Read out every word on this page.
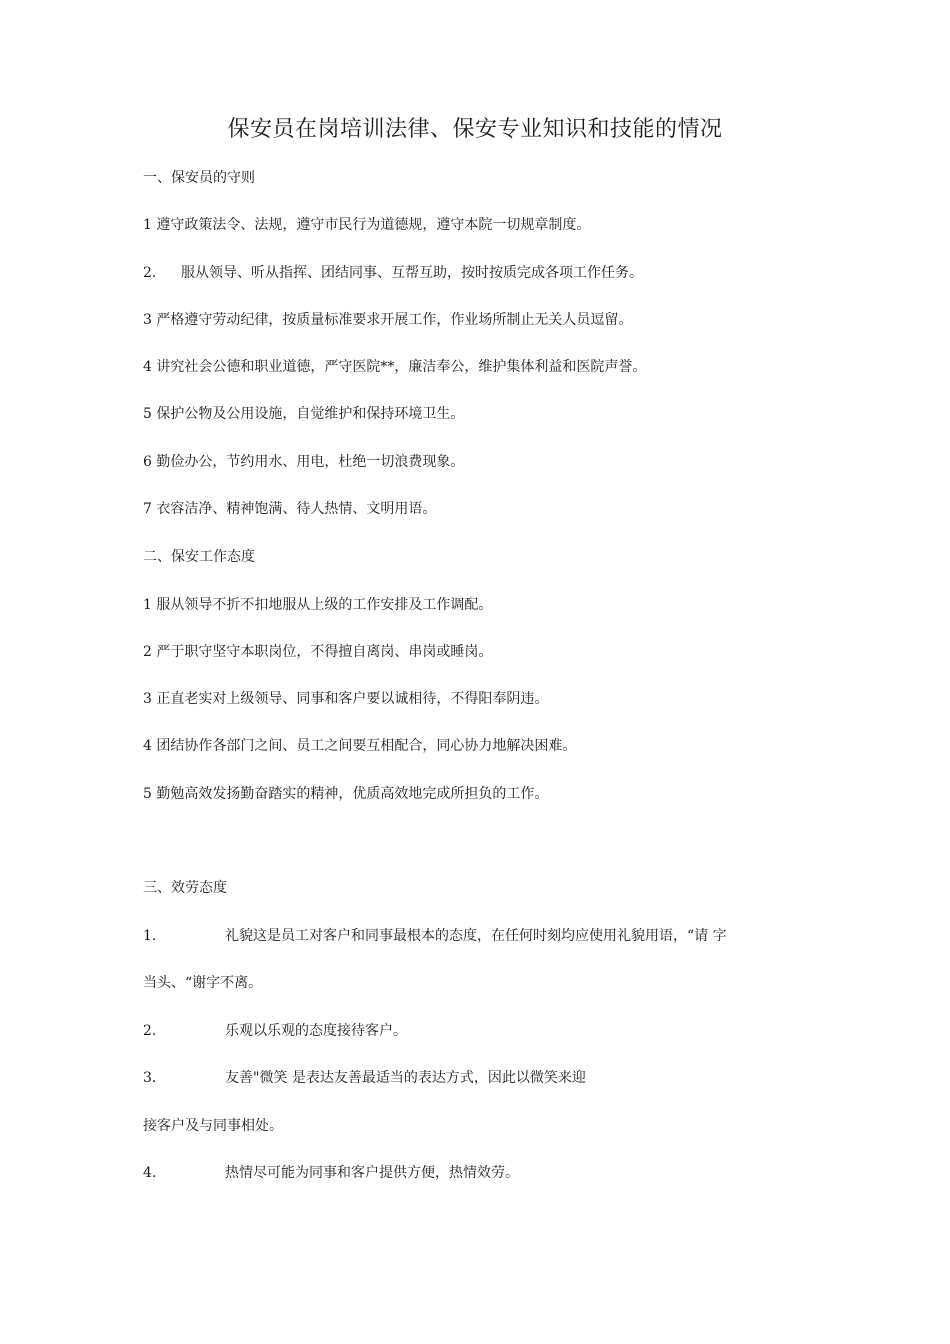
保安员在岗培训法律、保安专业知识和技能的情况
一、保安员的守则
1 遵守政策法令、法规，遵守市民行为道德规，遵守本院一切规章制度。
2. 服从领导、听从指挥、团结同事、互帮互助，按时按质完成各项工作任务。
3 严格遵守劳动纪律，按质量标准要求开展工作，作业场所制止无关人员逗留。
4 讲究社会公德和职业道德，严守医院**，廉洁奉公，维护集体利益和医院声誉。
5 保护公物及公用设施，自觉维护和保持环境卫生。
6 勤俭办公，节约用水、用电，杜绝一切浪费现象。
7 衣容洁净、精神饱满、待人热情、文明用语。
二、保安工作态度
1 服从领导不折不扣地服从上级的工作安排及工作调配。
2 严于职守坚守本职岗位，不得擅自离岗、串岗或睡岗。
3 正直老实对上级领导、同事和客户要以诚相待，不得阳奉阴违。
4 团结协作各部门之间、员工之间要互相配合，同心协力地解决困难。
5 勤勉高效发扬勤奋踏实的精神，优质高效地完成所担负的工作。
三、效劳态度
1.	礼貌这是员工对客户和同事最根本的态度，在任何时刻均应使用礼貌用语，“请 字
当头、“谢字不离。
2.	乐观以乐观的态度接待客户。
3.	友善"微笑 是表达友善最适当的表达方式，因此以微笑来迎
接客户及与同事相处。
4.	热情尽可能为同事和客户提供方便，热情效劳。
